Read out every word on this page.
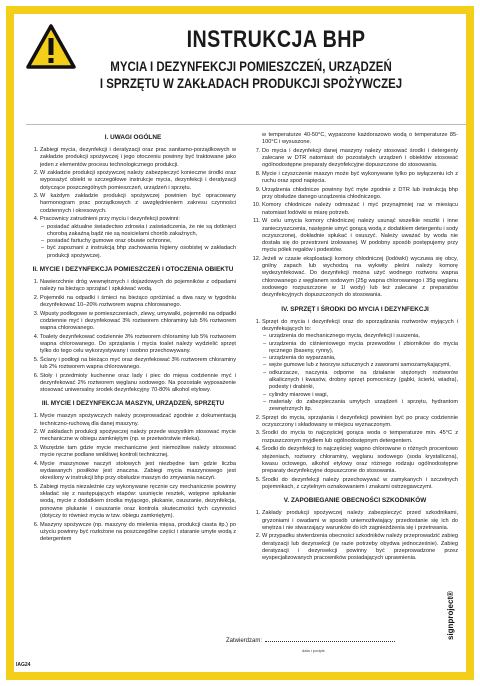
INSTRUKCJA BHP
MYCIA I DEZYNFEKCJI POMIESZCZEŃ, URZĄDZEŃ
I SPRZĘTU W ZAKŁADACH PRODUKCJI SPOŻYWCZEJ
I. UWAGI OGÓLNE
1. Zabiegi mycia, dezynfekcji i deratyzacji oraz prac sanitarno-porządkowych w zakładzie produkcji spożywczej i jego otoczeniu powinny być traktowane jako jeden z elementów procesu technologicznego produkcji.
2. W zakładzie produkcji spożywczej należy zabezpieczyć konieczne środki oraz wyposażyć obiekt w szczegółowe instrukcje mycia, dezynfekcji i deratyzacji dotyczące poszczególnych pomieszczeń, urządzeń i sprzętu.
3. W każdym zakładzie produkcji spożywczej powinien być opracowany harmonogram prac porządkowych z uwzględnieniem zakresu czynności codziennych i okresowych.
4. Pracownicy zatrudnieni przy myciu i dezynfekcji powinni:
– posiadać aktualne świadectwo zdrowia i zaświadczenia, że nie są dotknięci chorobą zakaźną bądź nie są nosicielami chorób zakaźnych,
– posiadać fartuchy gumowe oraz obuwie ochronne,
– być zapoznani z instrukcją bhp zachowania higieny osobistej w zakładach produkcji spożywczej.
II. MYCIE I DEZYNFEKCJA POMIESZCZEŃ I OTOCZENIA OBIEKTU
1. Nawierzchnie dróg wewnętrznych i dojazdowych do pojemników z odpadami należy na bieżąco sprzątać i spłukiwać wodą.
2. Pojemniki na odpadki i śmieci na bieżąco opróżniać a dwa razy w tygodniu dezynfekować 10–20% roztworem wapna chlorowanego.
3. Wpusty podłogowe w pomieszczeniach, zlewy, umywalki, pojemniki na odpadki codziennie myć i dezynfekować 3% roztworem chloraminy lub 5% roztworem wapna chlorowanego.
4. Toalety dezynfekować codziennie 3% roztworem chloraminy lub 5% roztworem wapna chlorowanego. Do sprzątania i mycia toalet należy wydzielić sprzęt tylko do tego celu wykorzystywany i osobno przechowywany.
5. Ściany i podłogi na bieżąco myć oraz dezynfekować 3% roztworem chloraminy lub 2% roztworem wapna chlorowanego.
6. Stoły i przedmioty kuchenne oraz lady i piec do mięsa codziennie myć i dezynfekować 2% roztworem węglanu sodowego. Na pozostałe wyposażenie stosować uniwersalny środek dezynfekcyjny 70-80% alkohol etylowy.
III. MYCIE I DEZYNFEKCJA MASZYN, URZĄDZEŃ, SPRZĘTU
1. Mycie maszyn spożywczych należy przeprowadzać zgodnie z dokumentacją techniczno-ruchową dla danej maszyny.
2. W zakładach produkcji spożywczej należy przede wszystkim stosować mycie mechaniczne w obiegu zamkniętym (np. w przetwórstwie mleka).
3. Wszędzie tam gdzie mycie mechaniczne jest niemożliwe należy stosować mycie ręczne podlane wnikliwej kontroli technicznej.
4. Mycie maszynowe naczyń stołowych jest niezbędne tam gdzie liczba wydawanych posiłków jest znaczna. Zabiegi mycia maszynowego jest określony w instrukcji bhp przy obsłudze maszyn do zmywania naczyń.
5. Zabiegi mycia niezależnie czy wykonywane ręcznie czy mechanicznie powinny składać się z następujących etapów: usunięcie resztek, wstępne spłukanie wodą, mycie z dodatkiem środka myjącego, płukanie, osuszanie, dezynfekcja, ponowne płukanie i osuszanie oraz kontrola skuteczności tych czynności (dotyczy to również mycia w tzw. obiegu zamkniętym).
6. Maszyny spożywcze (np. maszyny do mielenia mięsa, produkcji ciasta itp.) po użyciu powinny być rozłożone na poszczególne części i staranie umyte wodą z detergentem
w temperaturze 40-50°C, wyparzone każdorazowo wodą o temperaturze 85-100°C i wysuszone.
7. Do mycia i dezynfekcji danej maszyny należy stosować środki i detergenty zalecane w DTR natomiast do pozostałych urządzeń i obiektów stosować ogólnodostępne preparaty dezynfekcyjne dopuszczone do stosowania.
8. Mycie i czyszczenie maszyn może być wykonywane tylko po wyłączeniu ich z ruchu oraz spod napięcia.
9. Urządzenia chłodnicze powinny być myte zgodnie z DTR lub instrukcją bhp przy obsłudze danego urządzenia chłodniczego.
10. Komory chłodnicze należy odmrażać i myć przynajmniej raz w miesiącu natomiast lodówki w miarę potrzeb.
11. W celu umycia komory chłodniczej należy usunąć wszelkie resztki i inne zanieczyszczenia, następnie umyć gorącą wodą z dodatkiem detergentu i sody oczyszczonej, dokładnie spłukać i osuszyć. Należy uważać by woda nie dostała się do przestrzeni izolowanej. W podobny sposób postępujemy przy myciu półek regałów i podestów.
12. Jeżeli w czasie eksploatacji komory chłodniczej (lodówki) wyczuwa się obcy, gnilny zapach lub wychodzą na wykwity pleśni należy komorę wydezynfekować. Do dezynfekcji można użyć wodnego roztworu wapna chlorowanego z węglanem sodowym (25g wapna chlorowanego i 35g węglanu sodowego rozpuszczone w 1l wody) lub też zalecane z preparatów dezynfekcyjnych dopuszczonych do stosowania.
IV. SPRZĘT I ŚRODKI DO MYCIA I DEZYNFEKCJI
1. Sprzęt do mycia i dezynfekcji oraz do sporządzania roztworów myjących i dezynfekujących to:
– urządzenia do mechanicznego mycia, dezynfekcji i suszenia,
– urządzenia do ciśnieniowego mycia przewodów i zbiorników do mycia ręcznego (baseny, rynny),
– urządzenia do wyparzania,
– węże gumowe lub z tworzyw sztucznych z zaworami samozamykającymi,
– odkurzacze, naczynia odporne na działanie stężonych roztworów alkalicznych i kwasów, drobny sprzęt pomocniczy (gąbki, ścierki, wiadra), podesty i drabinki,
– cylindry miarowe i wagi,
– materiały do zabezpieczania umytych urządzeń i sprzętu, hydrantom zewnętrznych itp.
2. Sprzęt do mycia, sprzątania i dezynfekcji powinien być po pracy codziennie oczyszczony i składowany w miejscu wyznaczonym.
3. Środki do mycia to najczęściej gorąca woda o temperaturze min. 45°C z rozpuszczonym myjdłem lub ogólnodostępnym detergentem.
4. Środki do dezynfekcji to najczęściej: wapno chlorowane o różnych procentowo stężeniach, roztwory chloraminy, węglanu sodowego (soda krystaliczna), kwasu octowego, alkohol etylowy oraz różnego rodzaju ogólnodostępne preparaty dezynfekcyjne dopuszczone do stosowania.
5. Środki do dezynfekcji należy przechowywać w zamykanych i szczelnych pojemnikach, z czytelnym oznakowaniem i znakami ostrzegawczymi.
V. ZAPOBIEGANIE OBECNOŚCI SZKODNIKÓW
1. Zakłady produkcji spożywczej należy zabezpieczyć przed szkodnikami, gryzoniami i owadami w sposób uniemożliwiający przedostanie się ich do wnętrza i nie stwarzający warunków do ich zagnieżdżenia się i przetrwania.
2. W przypadku stwierdzenia obecności szkodników należy przeprowadzić zabieg deratyzacji lub dezynsekcji (w razie potrzeby obydwa jednocześnie). Zabieg deratyzacji i dezynsekcji powinny być przeprowadzone przez wyspecjalizowanych pracowników posiadających uprawnienia.
Zatwierdzam:
data i podpis
IAG24
signproject®
